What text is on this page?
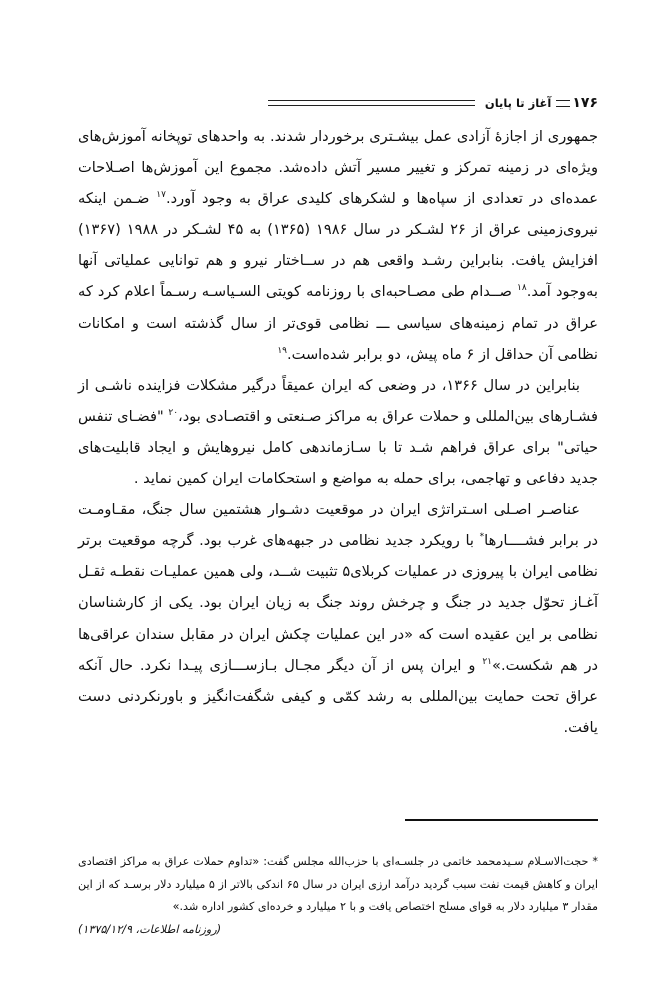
۱۷۶
آغاز تا پایان

جمهوری از اجازهٔ آزادی عمل بیشـتری برخوردار شدند. به واحدهای توپخانه آموزش‌های ویژه‌ای در زمینه تمرکز و تغییر مسیر آتش داده‌شد. مجموع این آموزش‌ها اصـلاحات عمده‌ای در تعدادی از سپاه‌ها و لشکرهای کلیدی عراق به وجود آورد.$^{۱۷}$ ضـمن اینکه نیروی‌زمینی عراق از ۲۶ لشـکر در سال ۱۹۸۶ (۱۳۶۵) به ۴۵ لشـکر در ۱۹۸۸ (۱۳۶۷) افزایش یافت. بنابراین رشـد واقعی هم در ســاختار نیرو و هم توانایی عملیاتی آنها به‌وجود آمد.$^{۱۸}$ صــدام طی مصـاحبه‌ای با روزنامه کویتی السـیاسـه رسـماً اعلام کرد که عراق در تمام زمینه‌های سیاسی ـــ نظامی قوی‌تر از سال گذشته است و امکانات نظامی آن حداقل از ۶ ماه پیش، دو برابر شده‌است.$^{۱۹}$

بنابراین در سال ۱۳۶۶، در وضعی که ایران عمیقاً درگیر مشکلات فزاینده ناشـی از فشـارهای بین‌المللی و حملات عراق به مراکز صـنعتی و اقتصـادی بود،$^{۲۰}$ "فضـای تنفس حیاتی" برای عراق فراهم شـد تا با سـازماندهی کامل نیروهایش و ایجاد قابلیت‌های جدید دفاعی و تهاجمی، برای حمله به مواضع و استحکامات ایران کمین نماید .

عناصـر اصـلی اسـتراتژی ایران در موقعیت دشـوار هشتمین سال جنگ، مقـاومـت در برابر فشــــارها* با رویکرد جدید نظامی در جبهه‌های غرب بود. گرچه موقعیت برتر نظامی ایران با پیروزی در عملیات کربلای۵ تثبیت شــد، ولی همین عملیـات نقطـه ثقـل آغـاز تحوّل جدید در جنگ و چرخش روند جنگ به زیان ایران بود. یکی از کارشناسان نظامی بر این عقیده است که «در این عملیات چکش ایران در مقابل سندان عراقی‌ها در هم شکست.»$^{۲۱}$ و ایران پس از آن دیگر مجـال بـازســـازی پیـدا نکرد. حال آنکه عراق تحت حمایت بین‌المللی به رشد کمّی و کیفی شگفت‌انگیز و باورنکردنی دست یافت.

* حجت‌الاسـلام سـیدمحمد خاتمی در جلسـه‌ای با حزب‌الله مجلس گفت: «تداوم حملات عراق به مراکز اقتصادی ایران و کاهش قیمت نفت سبب گردید درآمد ارزی ایران در سال ۶۵ اندکی بالاتر از ۵ میلیارد دلار برسـد که از این مقدار ۳ میلیارد دلار به قوای مسلح اختصاص یافت و با ۲ میلیارد و خرده‌ای کشور اداره شد.»
(روزنامه اطلاعات، ۱۳۷۵/۱۲/۹)
